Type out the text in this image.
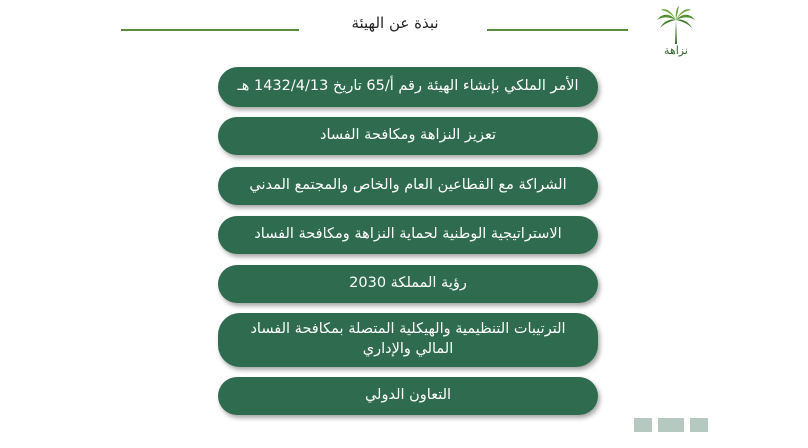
نبذة عن الهيئة
نزاهة
الأمر الملكي بإنشاء الهيئة رقم أ/65 تاريخ 1432/4/13 هـ
تعزيز النزاهة ومكافحة الفساد
الشراكة مع القطاعين العام والخاص والمجتمع المدني
الاستراتيجية الوطنية لحماية النزاهة ومكافحة الفساد
رؤية المملكة 2030
الترتيبات التنظيمية والهيكلية المتصلة بمكافحة الفساد المالي والإداري
التعاون الدولي
